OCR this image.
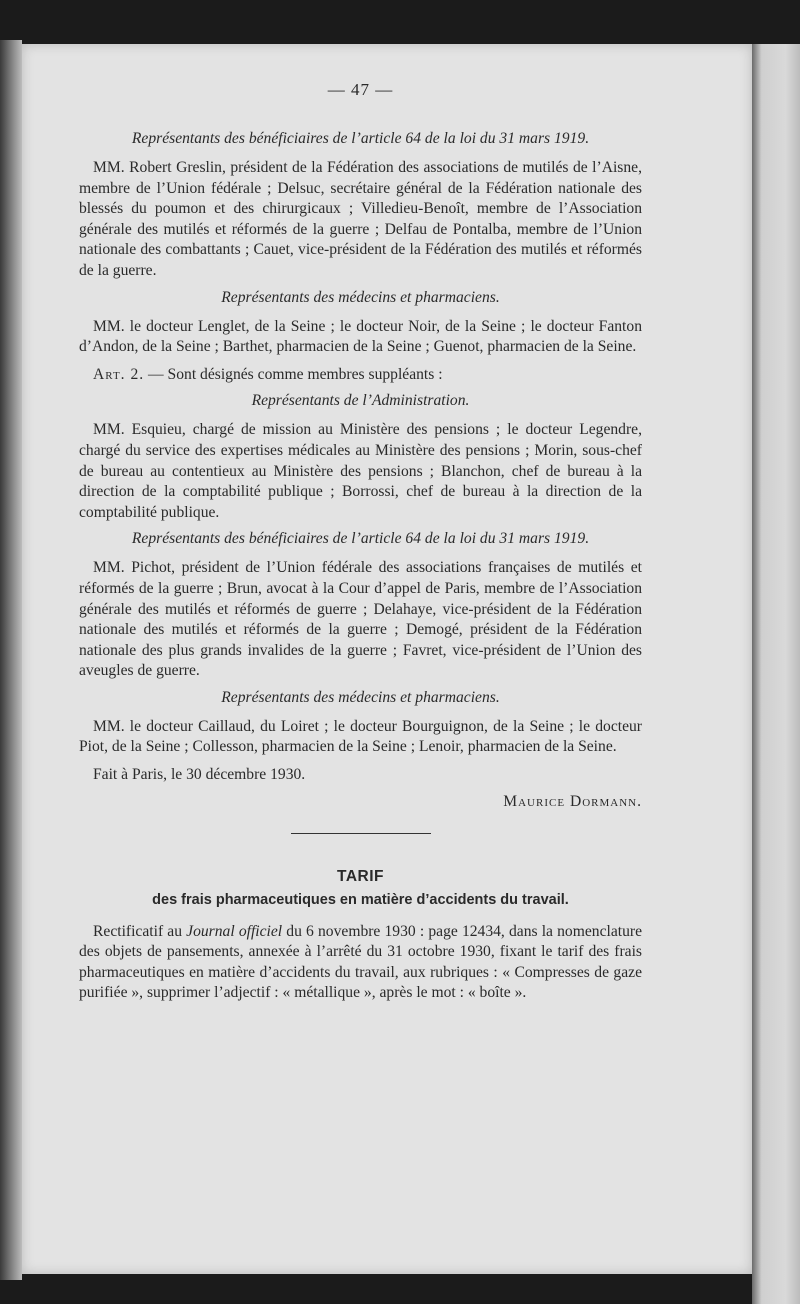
— 47 —
Représentants des bénéficiaires de l’article 64 de la loi du 31 mars 1919.

MM. Robert Greslin, président de la Fédération des associations de mutilés de l’Aisne, membre de l’Union fédérale ; Delsuc, secrétaire général de la Fédération nationale des blessés du poumon et des chirurgicaux ; Villedieu-Benoît, membre de l’Association générale des mutilés et réformés de la guerre ; Delfau de Pontalba, membre de l’Union nationale des combattants ; Cauet, vice-président de la Fédération des mutilés et réformés de la guerre.

Représentants des médecins et pharmaciens.

MM. le docteur Lenglet, de la Seine ; le docteur Noir, de la Seine ; le docteur Fanton d’Andon, de la Seine ; Barthet, pharmacien de la Seine ; Guenot, pharmacien de la Seine.

Art. 2. — Sont désignés comme membres suppléants :

Représentants de l’Administration.

MM. Esquieu, chargé de mission au Ministère des pensions ; le docteur Legendre, chargé du service des expertises médicales au Ministère des pensions ; Morin, sous-chef de bureau au contentieux au Ministère des pensions ; Blanchon, chef de bureau à la direction de la comptabilité publique ; Borrossi, chef de bureau à la direction de la comptabilité publique.

Représentants des bénéficiaires de l’article 64 de la loi du 31 mars 1919.

MM. Pichot, président de l’Union fédérale des associations françaises de mutilés et réformés de la guerre ; Brun, avocat à la Cour d’appel de Paris, membre de l’Association générale des mutilés et réformés de guerre ; Delahaye, vice-président de la Fédération nationale des mutilés et réformés de la guerre ; Demogé, président de la Fédération nationale des plus grands invalides de la guerre ; Favret, vice-président de l’Union des aveugles de guerre.

Représentants des médecins et pharmaciens.

MM. le docteur Caillaud, du Loiret ; le docteur Bourguignon, de la Seine ; le docteur Piot, de la Seine ; Collesson, pharmacien de la Seine ; Lenoir, pharmacien de la Seine.

Fait à Paris, le 30 décembre 1930.

Maurice Dormann.
TARIF
des frais pharmaceutiques en matière d’accidents du travail.

Rectificatif au Journal officiel du 6 novembre 1930 : page 12434, dans la nomenclature des objets de pansements, annexée à l’arrêté du 31 octobre 1930, fixant le tarif des frais pharmaceutiques en matière d’accidents du travail, aux rubriques : « Compresses de gaze purifiée », supprimer l’adjectif : « métallique », après le mot : « boîte ».
